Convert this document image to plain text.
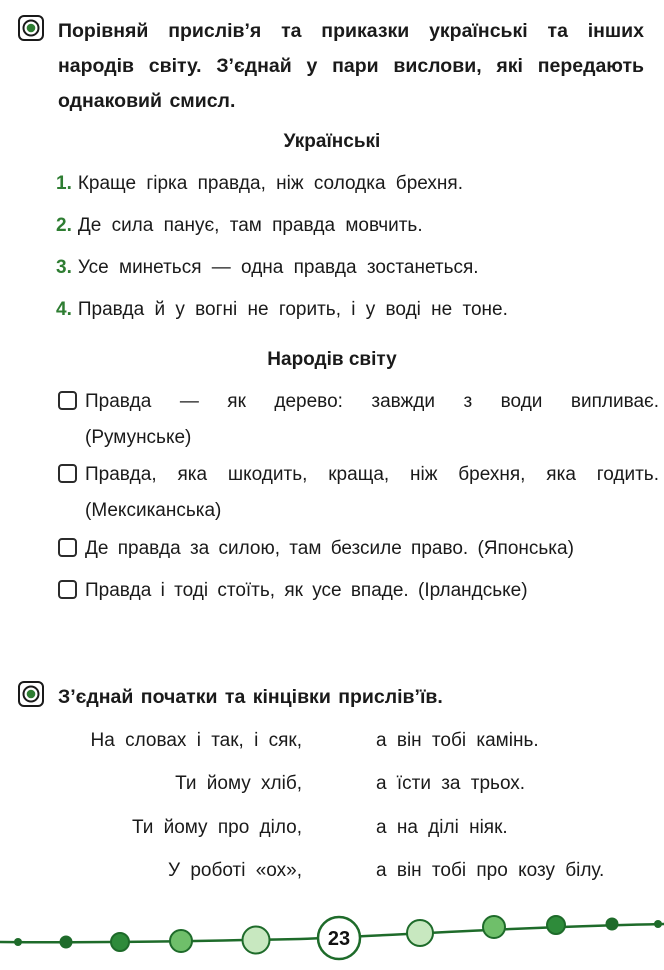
Порівняй прислів’я та приказки українські та інших
народів світу. З’єднай у пари вислови, які передають
однаковий смисл.
Українські
1. Краще гірка правда, ніж солодка брехня.
2. Де сила панує, там правда мовчить.
3. Усе минеться — одна правда зостанеться.
4. Правда й у вогні не горить, і у воді не тоне.
Народів світу
Правда — як дерево: завжди з води випливає.
(Румунське)
Правда, яка шкодить, краща, ніж брехня, яка годить.
(Мексиканська)
Де правда за силою, там безсиле право. (Японська)
Правда і тоді стоїть, як усе впаде. (Ірландське)
З’єднай початки та кінцівки прислів’їв.
На словах і так, і сяк,
Ти йому хліб,
Ти йому про діло,
У роботі «ох»,
а він тобі камінь.
а їсти за трьох.
а на ділі ніяк.
а він тобі про козу білу.
23
